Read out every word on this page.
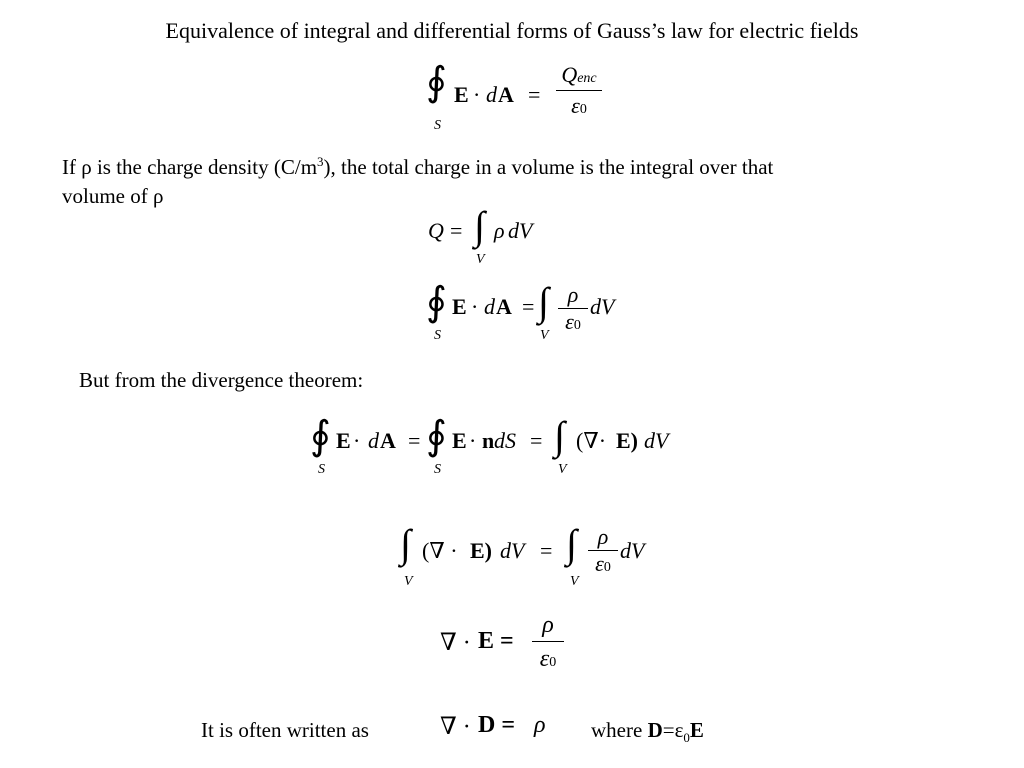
Equivalence of integral and differential forms of Gauss’s law for electric fields
∮
S
E · d A =
Qenc
ε0
If ρ is the charge density $(C/m^3)$, the total charge in a volume is the integral over that
volume of ρ
Q = ∫
V
ρ dV
∮
S
E · d A = ∫
V
ρ
ε0
dV
But from the divergence theorem:
∮
S
E · d A = ∮
S
E · n dS = ∫
V
(∇· E) dV
∫
V
(∇ · E) dV = ∫
V
ρ
ε0
dV
∇ · E =
ρ
ε0
It is often written as	∇ · D = ρ where $D=\varepsilon_0E$
